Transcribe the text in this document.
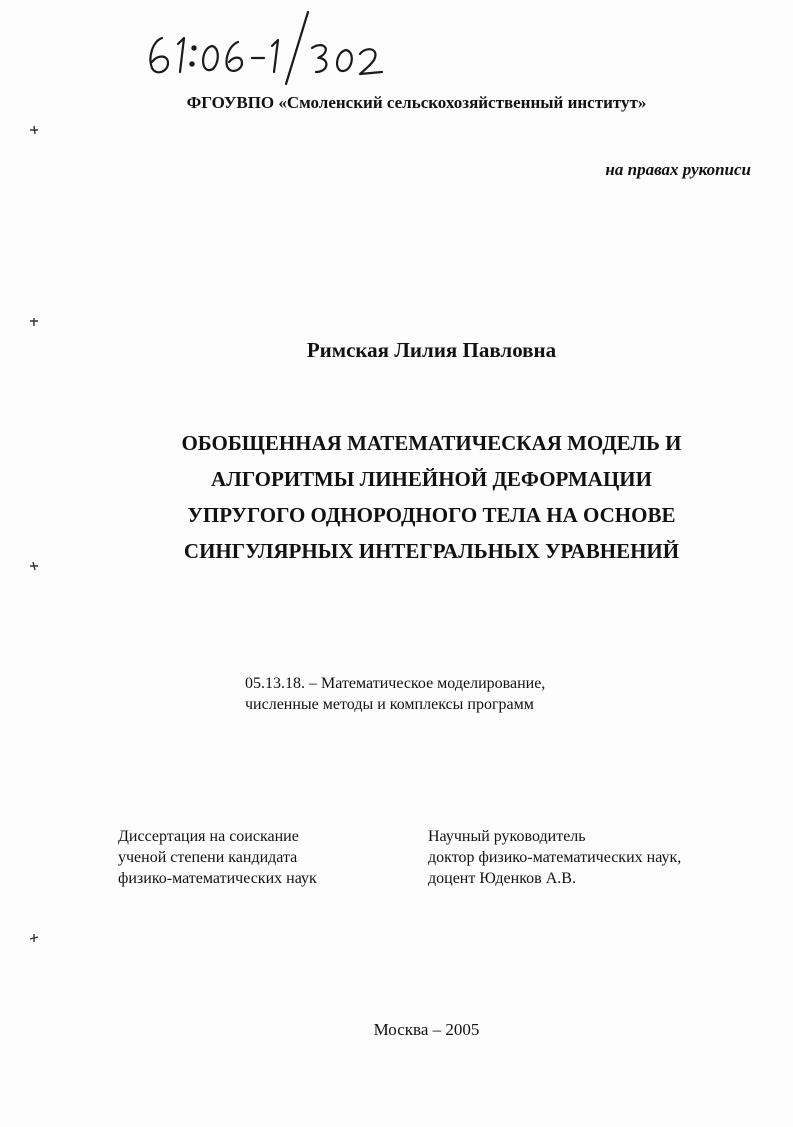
ФГОУВПО «Смоленский сельскохозяйственный институт»
на правах рукописи
Римская Лилия Павловна
ОБОБЩЕННАЯ МАТЕМАТИЧЕСКАЯ МОДЕЛЬ И
АЛГОРИТМЫ ЛИНЕЙНОЙ ДЕФОРМАЦИИ
УПРУГОГО ОДНОРОДНОГО ТЕЛА НА ОСНОВЕ
СИНГУЛЯРНЫХ ИНТЕГРАЛЬНЫХ УРАВНЕНИЙ
05.13.18. – Математическое моделирование,
численные методы и комплексы программ
Диссертация на соискание
ученой степени кандидата
физико-математических наук
Научный руководитель
доктор физико-математических наук,
доцент Юденков А.В.
Москва – 2005
